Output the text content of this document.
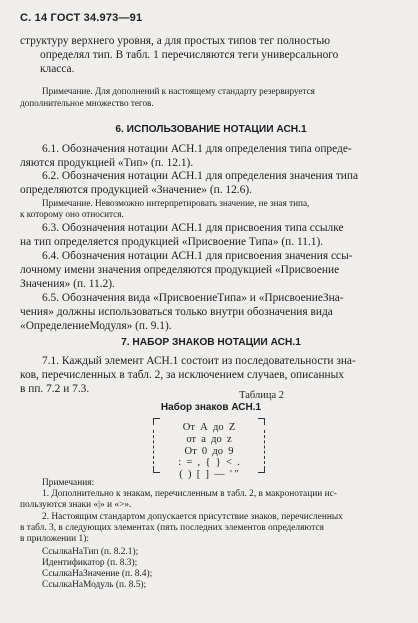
С. 14 ГОСТ 34.973—91

структуру верхнего уровня, а для простых типов тег полностью

определял тип. В табл. 1 перечисляются теги универсального

класса.

Примечание. Для дополнений к настоящему стандарту резервируется

дополнительное множество тегов.

6. ИСПОЛЬЗОВАНИЕ НОТАЦИИ АСН.1

6.1. Обозначения нотации АСН.1 для определения типа опреде-

ляются продукцией «Тип» (п. 12.1).

6.2. Обозначения нотации АСН.1 для определения значения типа

определяются продукцией «Значение» (п. 12.6).

Примечание. Невозможно интерпретировать значение, не зная типа,

к которому оно относится.

6.3. Обозначения нотации АСН.1 для присвоения типа ссылке

на тип определяется продукцией «Присвоение Типа» (п. 11.1).

6.4. Обозначения нотации АСН.1 для присвоения значения ссы-

лочному имени значения определяются продукцией «Присвоение

Значения» (п. 11.2).

6.5. Обозначения вида «ПрисвоениеТипа» и «ПрисвоениеЗна-

чения» должны использоваться только внутри обозначения вида

«ОпределениеМодуля» (п. 9.1).

7. НАБОР ЗНАКОВ НОТАЦИИ АСН.1

7.1. Каждый элемент АСН.1 состоит из последовательности зна-

ков, перечисленных в табл. 2, за исключением случаев, описанных

в пп. 7.2 и 7.3.

Таблица 2
Набор знаков АСН.1
От  А  до  Z
от  а  до  z
От  0  до  9
:  =  ,  {  }  <  .
(  )  [  ]  —  ' "

Примечания:

1. Дополнительно к знакам, перечисленным в табл. 2, в макронотации ис-

пользуются знаки «|» и «>».

2. Настоящим стандартом допускается присутствие знаков, перечисленных

в табл. 3, в следующих элементах (пять последних элементов определяются

в приложении 1):

СсылкаНаТип (п. 8.2.1);

Идентификатор (п. 8.3);

СсылкаНаЗначение (п. 8.4);

СсылкаНаМодуль (п. 8.5);
